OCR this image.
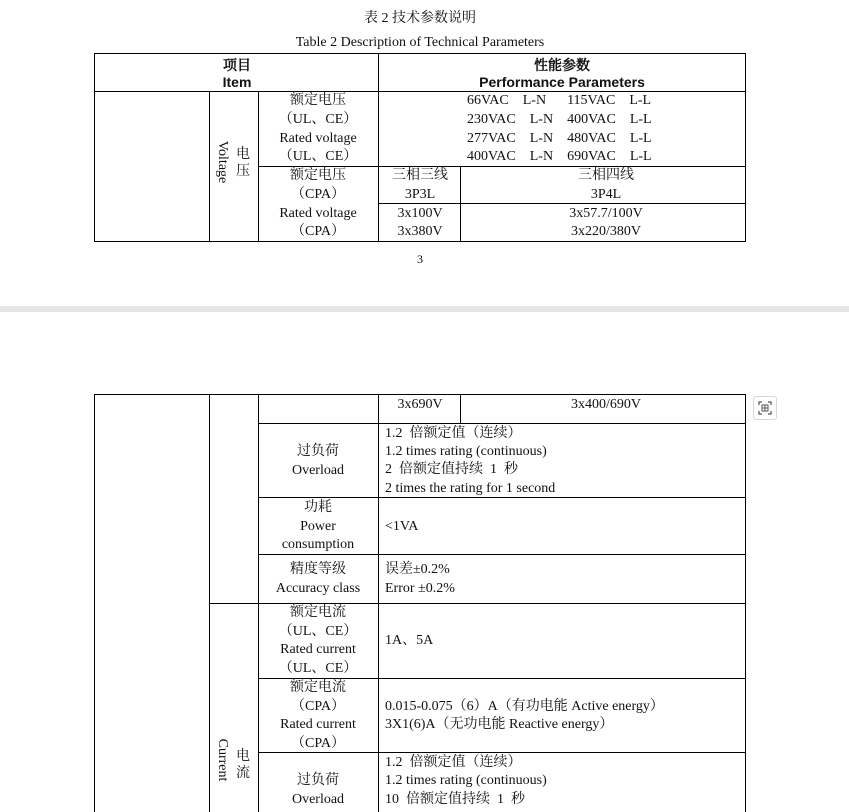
表 2 技术参数说明
Table 2 Description of Technical Parameters
项目
Item
性能参数
Performance Parameters
Voltage 电
压
额定电压
（UL、CE）
Rated voltage
（UL、CE）
66VAC    L-N      115VAC    L-L
230VAC    L-N    400VAC    L-L
277VAC    L-N    480VAC    L-L
400VAC    L-N    690VAC    L-L
额定电压
（CPA）
三相三线
3P3L
三相四线
3P4L
Rated voltage
（CPA）
3x100V
3x380V
3x57.7/100V
3x220/380V
3
3x690V	3x400/690V
过负荷
Overload
1.2  倍额定值（连续）
1.2 times rating (continuous)
2  倍额定值持续  1  秒
2 times the rating for 1 second
功耗
Power
consumption
<1VA
精度等级
Accuracy class
误差±0.2%
Error ±0.2%
额定电流
（UL、CE）
Rated current
（UL、CE）
1A、5A
额定电流
（CPA）
Rated current
（CPA）
0.015-0.075（6）A（有功电能 Active energy）
3X1(6)A（无功电能 Reactive energy）
Current 电
流	过负荷
Overload
1.2  倍额定值（连续）
1.2 times rating (continuous)
10  倍额定值持续  1  秒
